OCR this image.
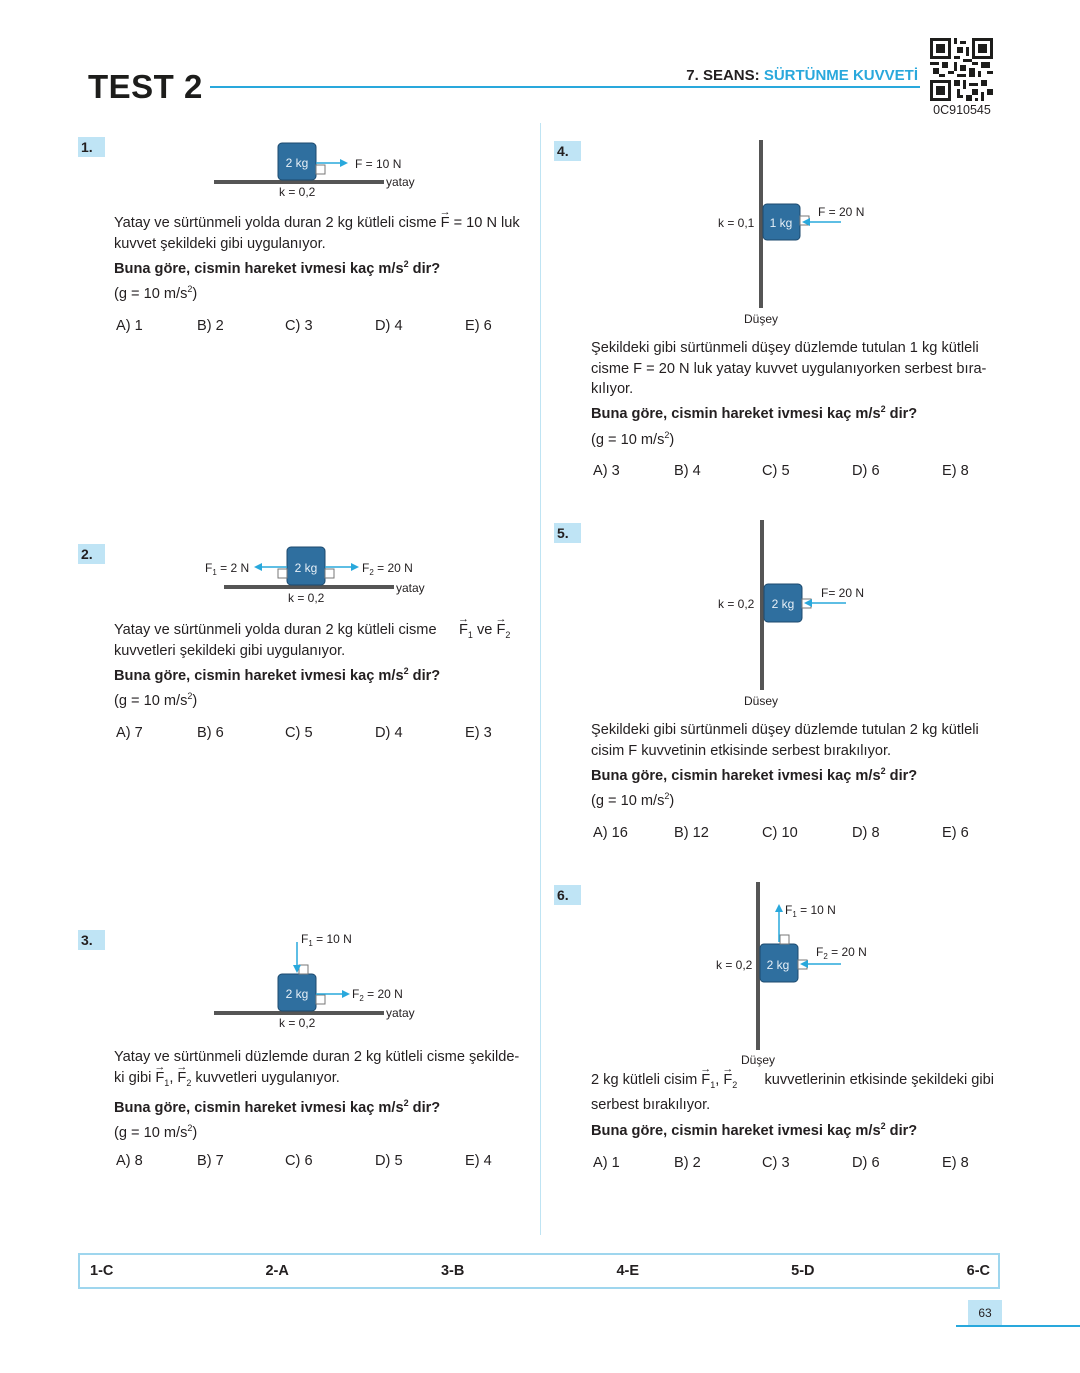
TEST 2	7. SEANS: SÜRTÜNME KUVVETİ
0C910545
1.
2 kg	F = 10 N
yatay
k = 0,2
Yatay ve sürtünmeli yolda duran 2 kg kütleli cisme → F = 10 N luk kuvvet şekildeki gibi uygulanıyor.
Buna göre, cismin hareket ivmesi kaç $m/s^2$ dir?
(g = 10 $m/s^2$)
A) 1	B) 2	C) 3	D) 4	E) 6
2.
2 kg
$F_1 = 2$ N	$F_2 = 20$ N
yatay
k = 0,2
Yatay ve sürtünmeli yolda duran 2 kg kütleli cisme
→ $F_1$ ve → $F_2$
kuvvetleri şekildeki gibi uygulanıyor.
Buna göre, cismin hareket ivmesi kaç $m/s^2$ dir?
(g = 10 $m/s^2$)
A) 7	B) 6	C) 5	D) 4	E) 3
3.
2 kg
$F_1 = 10$ N
$F_2 = 20$ N
yatay
k = 0,2
Yatay ve sürtünmeli düzlemde duran 2 kg kütleli cisme şekilde-
ki gibi → $F_1$, → $F_2$ kuvvetleri uygulanıyor.
Buna göre, cismin hareket ivmesi kaç $m/s^2$ dir?
(g = 10 $m/s^2$)
A) 8	B) 7	C) 6	D) 5	E) 4
4.
1 kg
F = 20 N
k = 0,1
Düşey
Şekildeki gibi sürtünmeli düşey düzlemde tutulan 1 kg kütleli
cisme F = 20 N luk yatay kuvvet uygulanıyorken serbest bıra-
kılıyor.
Buna göre, cismin hareket ivmesi kaç $m/s^2$ dir?
(g = 10 $m/s^2$)
A) 3	B) 4	C) 5	D) 6	E) 8
5.
2 kg
F= 20 N
k = 0,2
Düsey
Şekildeki gibi sürtünmeli düşey düzlemde tutulan 2 kg kütleli
cisim F kuvvetinin etkisinde serbest bırakılıyor.
Buna göre, cismin hareket ivmesi kaç $m/s^2$ dir?
(g = 10 $m/s^2$)
A) 16	B) 12	C) 10	D) 8	E) 6
6.
2 kg
$F_1 = 10$ N
$F_2 = 20$ N
k = 0,2
Düşey
2 kg kütleli cisim → $F_1$, → $F_2$ kuvvetlerinin etkisinde şekildeki gibi
serbest bırakılıyor.
Buna göre, cismin hareket ivmesi kaç $m/s^2$ dir?
A) 1	B) 2	C) 3	D) 6	E) 8
1-C	2-A	3-B	4-E	5-D	6-C
63
